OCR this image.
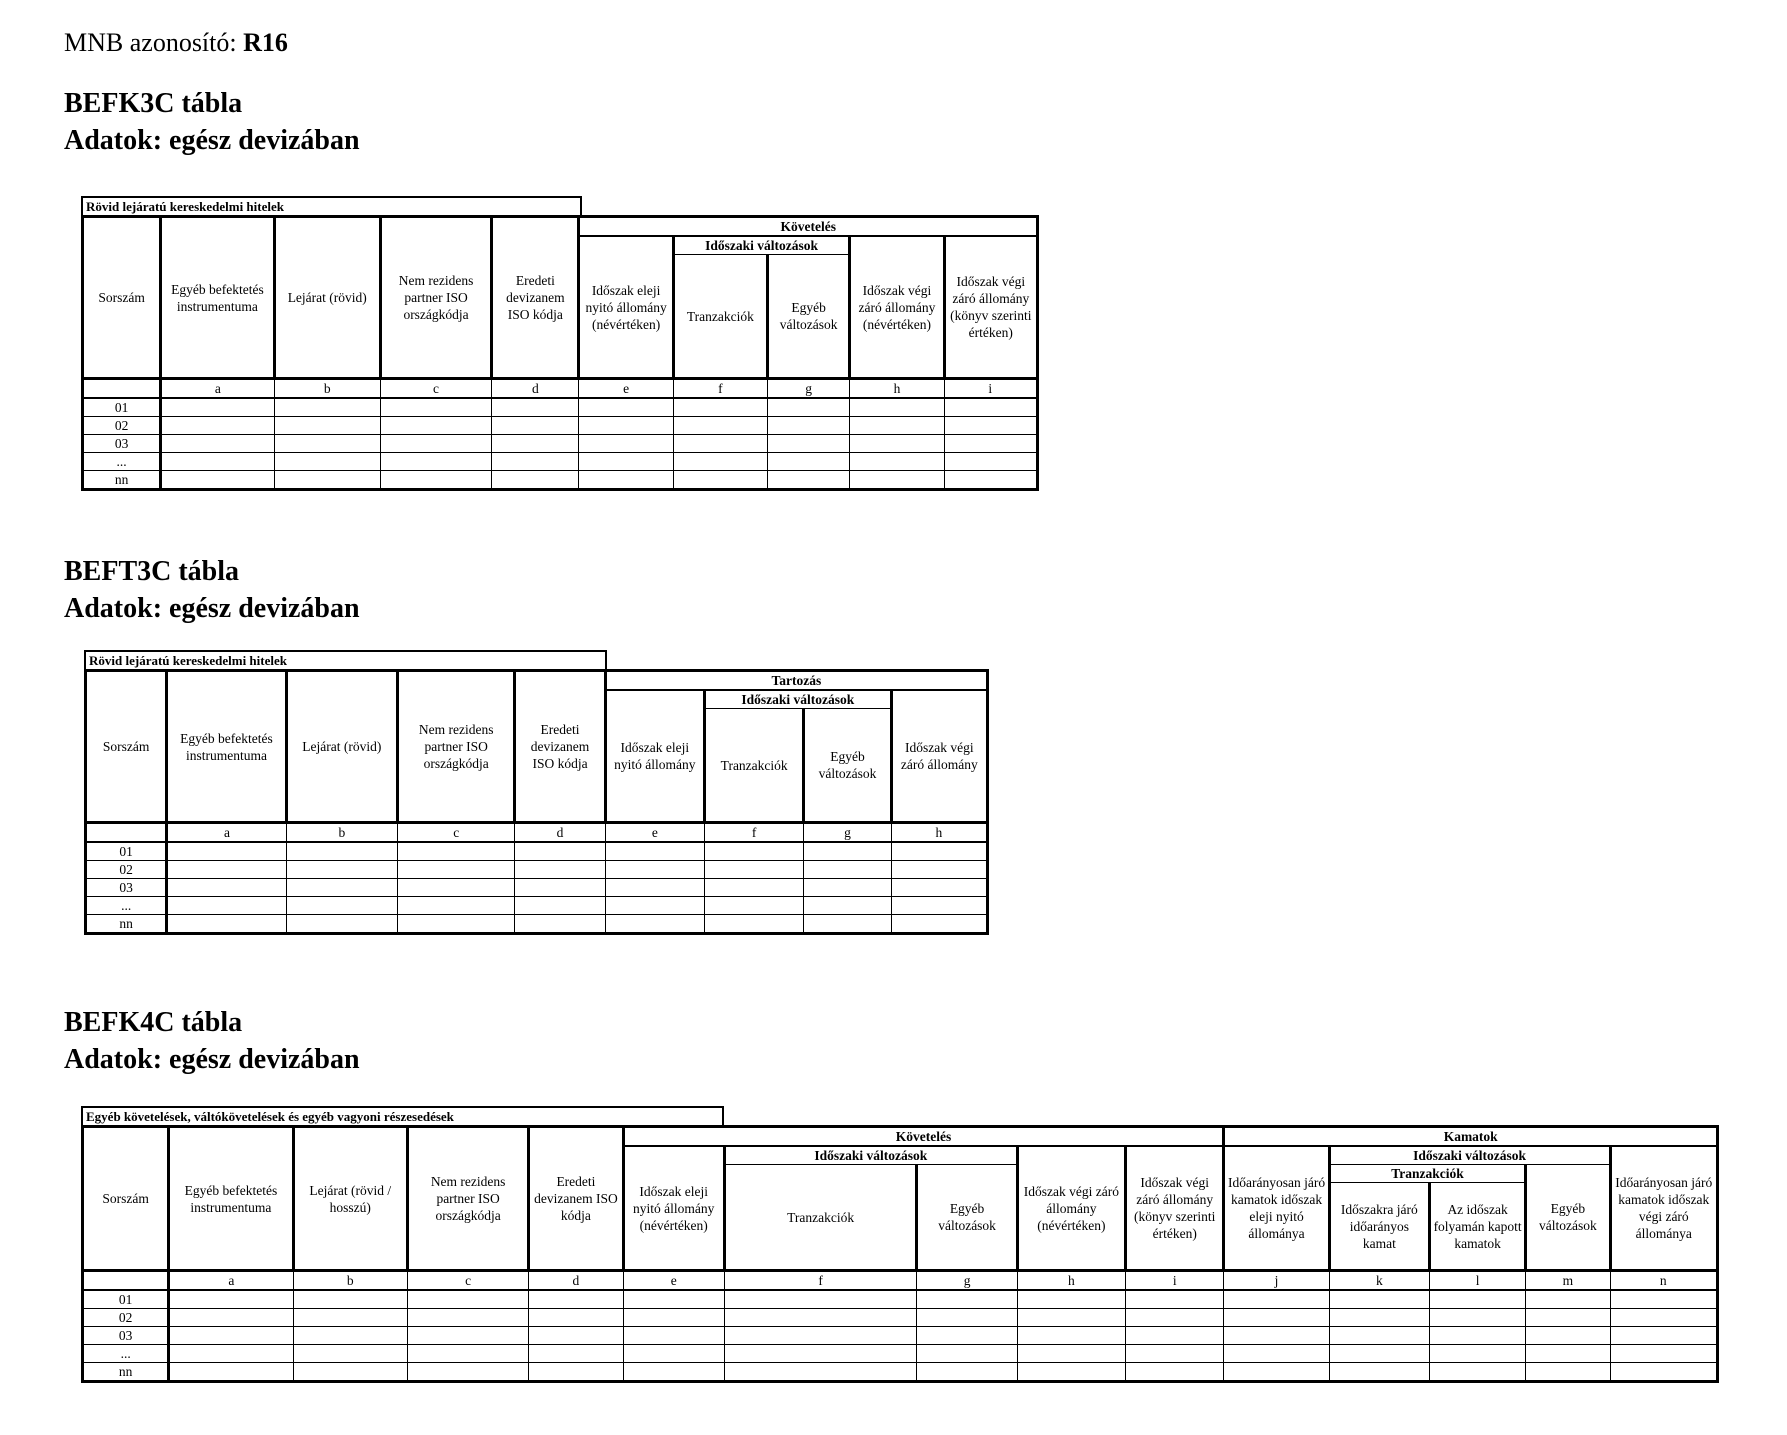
MNB azonosító: R16
BEFK3C tábla
Adatok: egész devizában
Rövid lejáratú kereskedelmi hitelek
Sorszám	Egyéb befektetés instrumentuma	Lejárat (rövid)	Nem rezidens partner ISO országkódja	Eredeti devizanem ISO kódja	Követelés				
					Időszak eleji nyitó állomány (névértéken)	Időszaki változások		Időszak végi záró állomány (névértéken)	Időszak végi záró állomány (könyv szerinti értéken)
						Tranzakciók	Egyéb változások		
	a	b	c	d	e	f	g	h	i
01									
02									
03									
...									
nn									
BEFT3C tábla
Adatok: egész devizában
Rövid lejáratú kereskedelmi hitelek
Sorszám	Egyéb befektetés instrumentuma	Lejárat (rövid)	Nem rezidens partner ISO országkódja	Eredeti devizanem ISO kódja	Tartozás			
					Időszak eleji nyitó állomány	Időszaki változások		Időszak végi záró állomány
						Tranzakciók	Egyéb változások	
	a	b	c	d	e	f	g	h
01								
02								
03								
...								
nn								
BEFK4C tábla
Adatok: egész devizában
Egyéb követelések, váltókövetelések és egyéb vagyoni részesedések
Sorszám	Egyéb befektetés instrumentuma	Lejárat (rövid / hosszú)	Nem rezidens partner ISO országkódja	Eredeti devizanem ISO kódja	Követelés					Kamatok				
					Időszak eleji nyitó állomány (névértéken)	Időszaki változások		Időszak végi záró állomány (névértéken)	Időszak végi záró állomány (könyv szerinti értéken)	Időarányosan járó kamatok időszak eleji nyitó állománya	Időszaki változások			Időarányosan járó kamatok időszak végi záró állománya
						Tranzakciók	Egyéb változások				Tranzakciók		Egyéb változások	
											Időszakra járó időarányos kamat	Az időszak folyamán kapott kamatok		
	a	b	c	d	e	f	g	h	i	j	k	l	m	n
01														
02														
03														
...														
nn														
